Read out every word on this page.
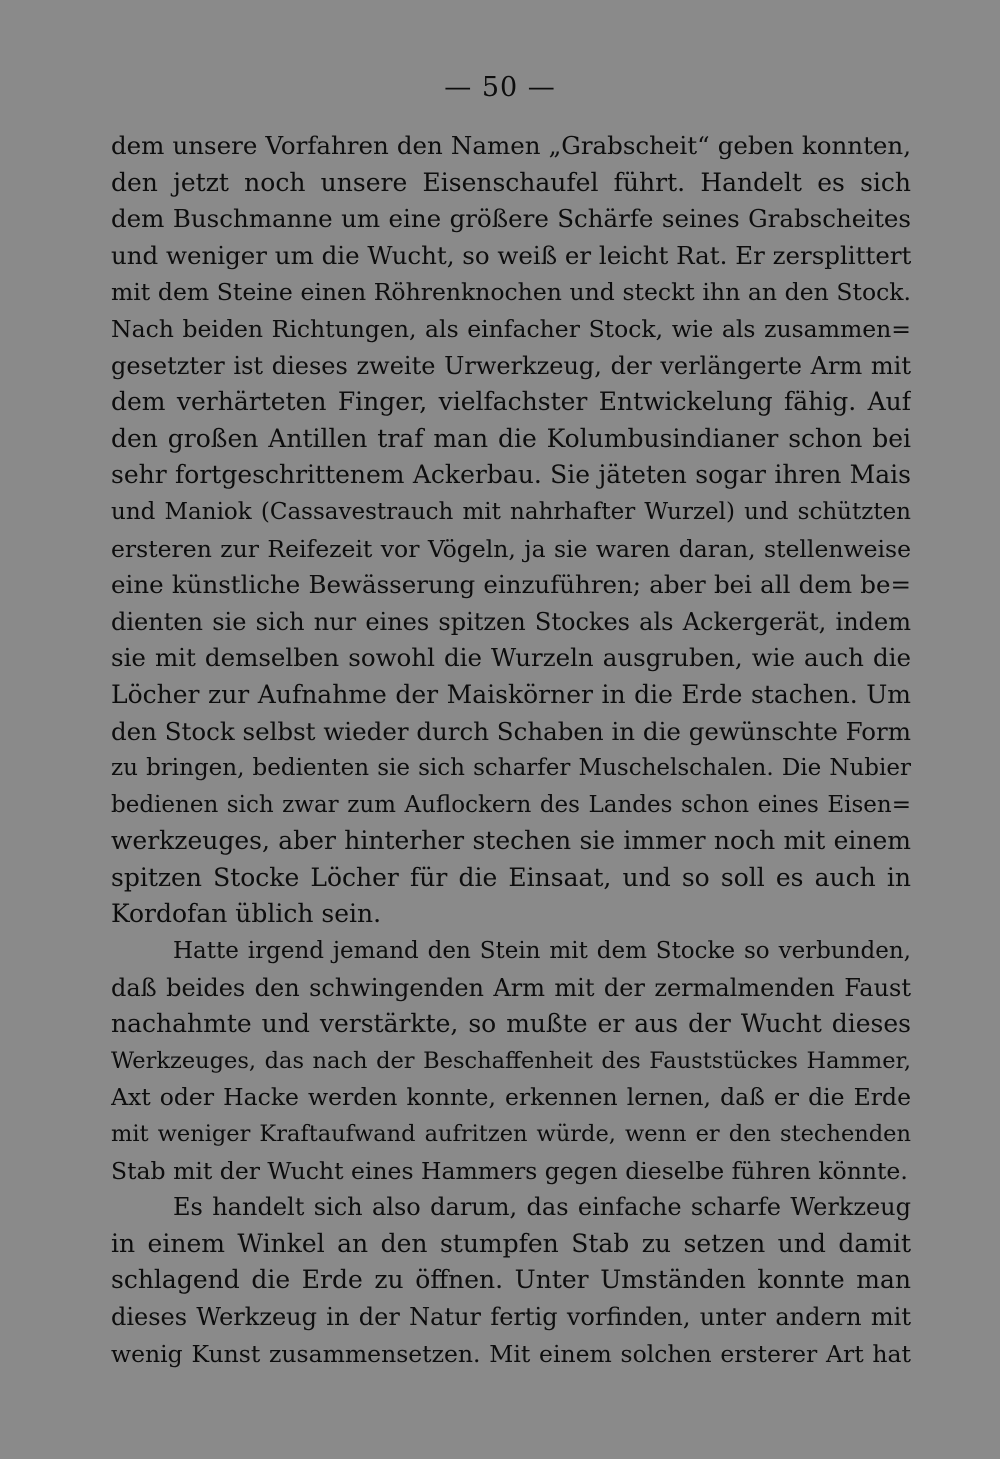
— 50 —
dem unsere Vorfahren den Namen „Grabscheit“ geben konnten,
den jetzt noch unsere Eisenschaufel führt. Handelt es sich
dem Buschmanne um eine größere Schärfe seines Grabscheites
und weniger um die Wucht, so weiß er leicht Rat. Er zersplittert
mit dem Steine einen Röhrenknochen und steckt ihn an den Stock.
Nach beiden Richtungen, als einfacher Stock, wie als zusammen=
gesetzter ist dieses zweite Urwerkzeug, der verlängerte Arm mit
dem verhärteten Finger, vielfachster Entwickelung fähig. Auf
den großen Antillen traf man die Kolumbusindianer schon bei
sehr fortgeschrittenem Ackerbau. Sie jäteten sogar ihren Mais
und Maniok (Cassavestrauch mit nahrhafter Wurzel) und schützten
ersteren zur Reifezeit vor Vögeln, ja sie waren daran, stellenweise
eine künstliche Bewässerung einzuführen; aber bei all dem be=
dienten sie sich nur eines spitzen Stockes als Ackergerät, indem
sie mit demselben sowohl die Wurzeln ausgruben, wie auch die
Löcher zur Aufnahme der Maiskörner in die Erde stachen. Um
den Stock selbst wieder durch Schaben in die gewünschte Form
zu bringen, bedienten sie sich scharfer Muschelschalen. Die Nubier
bedienen sich zwar zum Auflockern des Landes schon eines Eisen=
werkzeuges, aber hinterher stechen sie immer noch mit einem
spitzen Stocke Löcher für die Einsaat, und so soll es auch in
Kordofan üblich sein.
Hatte irgend jemand den Stein mit dem Stocke so verbunden,
daß beides den schwingenden Arm mit der zermalmenden Faust
nachahmte und verstärkte, so mußte er aus der Wucht dieses
Werkzeuges, das nach der Beschaffenheit des Fauststückes Hammer,
Axt oder Hacke werden konnte, erkennen lernen, daß er die Erde
mit weniger Kraftaufwand aufritzen würde, wenn er den stechenden
Stab mit der Wucht eines Hammers gegen dieselbe führen könnte.
Es handelt sich also darum, das einfache scharfe Werkzeug
in einem Winkel an den stumpfen Stab zu setzen und damit
schlagend die Erde zu öffnen. Unter Umständen konnte man
dieses Werkzeug in der Natur fertig vorfinden, unter andern mit
wenig Kunst zusammensetzen. Mit einem solchen ersterer Art hat
